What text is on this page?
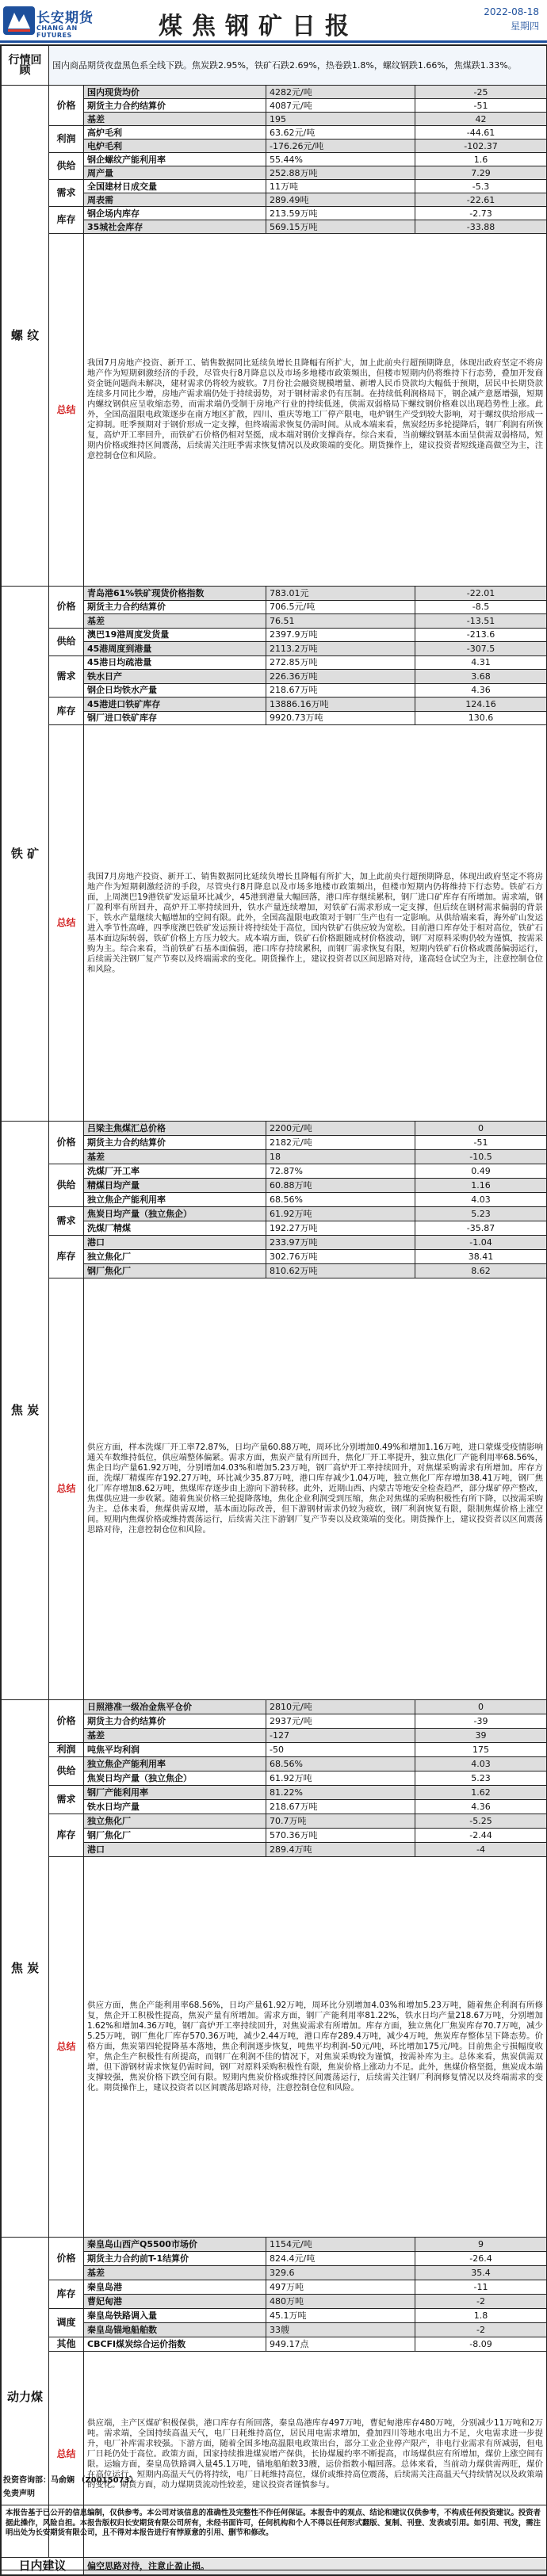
长安期货
CHANG AN FUTURES	煤焦钢矿日报
2022-08-18
星期四
行情回顾	国内商品期货夜盘黑色系全线下跌。焦炭跌2.95%，铁矿石跌2.69%，热卷跌1.8%，螺纹钢跌1.66%，焦煤跌1.33%。			
螺 纹	价格	国内现货均价	4282元/吨	-25
		期货主力合约结算价	4087元/吨	-51
		基差	195	42
	利润	高炉毛利	63.62元/吨	-44.61
		电炉毛利	-176.26元/吨	-102.37
	供给	钢企螺纹产能利用率	55.44%	1.6
		周产量	252.88万吨	7.29
	需求	全国建材日成交量	11万吨	-5.3
		周表需	289.49吨	-22.61
	库存	钢企场内库存	213.59万吨	-2.73
		35城社会库存	569.15万吨	-33.88
	总结	我国7月房地产投资、新开工、销售数据同比延续负增长且降幅有所扩大，加上此前央行超预期降息，体现出政府坚定不将房地产作为短期刺激经济的手段，尽管央行8月降息以及市场多地楼市政策频出，但楼市短期内仍将维持下行态势，叠加开发商资金链问题尚未解决，建材需求仍将较为疲软。7月份社会融资规模增量、新增人民币贷款均大幅低于预期，居民中长期贷款连续多月同比少增，房地产需求端仍处于持续弱势，对于钢材需求仍有压制。在持续低利润格局下，钢企减产意愿增强，短期内螺纹钢供应呈收缩态势，而需求端仍受制于房地产行业的持续低迷，供需双弱格局下螺纹钢价格难以出现趋势性上涨。此外，全国高温限电政策逐步在南方地区扩散，四川、重庆等地工厂停产限电，电炉钢生产受到较大影响，对于螺纹供给形成一定抑制。旺季预期对于钢价形成一定支撑，但终端需求恢复仍需时间。从成本端来看，焦炭经历多轮提降后，钢厂利润有所恢复，高炉开工率回升，而铁矿石价格仍相对坚挺，成本端对钢价支撑尚存。综合来看，当前螺纹钢基本面呈供需双弱格局，短期内价格或维持区间震荡，后续需关注旺季需求恢复情况以及政策端的变化。期货操作上，建议投资者短线逢高做空为主，注意控制仓位和风险。		
铁 矿	价格	青岛港61%铁矿现货价格指数	783.01元	-22.01
		期货主力合约结算价	706.5元/吨	-8.5
		基差	76.51	-13.51
	供给	澳巴19港周度发货量	2397.9万吨	-213.6
		45港周度到港量	2113.2万吨	-307.5
	需求	45港日均疏港量	272.85万吨	4.31
		铁水日产	226.36万吨	3.68
		钢企日均铁水产量	218.67万吨	4.36
	库存	45港进口铁矿库存	13886.16万吨	124.16
		钢厂进口铁矿库存	9920.73万吨	130.6
	总结	我国7月房地产投资、新开工、销售数据同比延续负增长且降幅有所扩大，加上此前央行超预期降息，体现出政府坚定不将房地产作为短期刺激经济的手段，尽管央行8月降息以及市场多地楼市政策频出，但楼市短期内仍将维持下行态势。铁矿石方面，上周澳巴19港铁矿发运量环比减少，45港到港量大幅回落，港口库存继续累积，钢厂进口矿库存有所增加。需求端，钢厂盈利率有所回升，高炉开工率持续回升，铁水产量连续增加，对铁矿石需求形成一定支撑，但后续在钢材需求偏弱的背景下，铁水产量继续大幅增加的空间有限。此外，全国高温限电政策对于钢厂生产也有一定影响。从供给端来看，海外矿山发运进入季节性高峰，四季度澳巴铁矿发运预计将持续处于高位，国内铁矿石供应较为宽松。目前港口库存处于相对高位，铁矿石基本面边际转弱，铁矿价格上方压力较大。成本端方面，铁矿石价格跟随成材价格波动，钢厂对原料采购仍较为谨慎，按需采购为主。综合来看，当前铁矿石基本面偏弱，港口库存持续累积，而钢厂需求恢复有限，短期内铁矿石价格或震荡偏弱运行，后续需关注钢厂复产节奏以及终端需求的变化。期货操作上，建议投资者以区间思路对待，逢高轻仓试空为主，注意控制仓位和风险。		
焦 炭	价格	吕梁主焦煤汇总价格	2200元/吨	0
		期货主力合约结算价	2182元/吨	-51
		基差	18	-10.5
	供给	洗煤厂开工率	72.87%	0.49
		精煤日均产量	60.88万吨	1.16
		独立焦企产能利用率	68.56%	4.03
	需求	焦炭日均产量（独立焦企）	61.92万吨	5.23
		洗煤厂精煤	192.27万吨	-35.87
	库存	港口	233.97万吨	-1.04
		独立焦化厂	302.76万吨	38.41
		钢厂焦化厂	810.62万吨	8.62
	总结	供应方面，样本洗煤厂开工率72.87%，日均产量60.88万吨，周环比分别增加0.49%和增加1.16万吨，进口蒙煤受疫情影响通关车数维持低位，供应端整体偏紧。需求方面，焦炭产量有所回升，焦化厂开工率提升，独立焦化厂产能利用率68.56%，焦企日均产量61.92万吨，分别增加4.03%和增加5.23万吨，钢厂高炉开工率持续回升，对焦煤采购需求有所增加。库存方面，洗煤厂精煤库存192.27万吨，环比减少35.87万吨，港口库存减少1.04万吨，独立焦化厂库存增加38.41万吨，钢厂焦化厂库存增加8.62万吨，焦煤库存逐步由上游向下游转移。此外，近期山西、内蒙古等地安全检查趋严，部分煤矿停产整改，焦煤供应进一步收紧。随着焦炭价格三轮提降落地，焦化企业利润受到压缩，焦企对焦煤的采购积极性有所下降，以按需采购为主。总体来看，焦煤供需双增，基本面边际改善，但下游钢材需求仍较为疲软，钢厂利润恢复有限，限制焦煤价格上涨空间。短期内焦煤价格或维持震荡运行，后续需关注下游钢厂复产节奏以及政策端的变化。期货操作上，建议投资者以区间震荡思路对待，注意控制仓位和风险。		
焦 炭	价格	日照港准一级冶金焦平仓价	2810元/吨	0
		期货主力合约结算价	2937元/吨	-39
		基差	-127	39
	利润	吨焦平均利润	-50	175
	供给	独立焦企产能利用率	68.56%	4.03
		焦炭日均产量（独立焦企）	61.92万吨	5.23
	需求	钢厂产能利用率	81.22%	1.62
		铁水日均产量	218.67万吨	4.36
	库存	独立焦化厂	70.7万吨	-5.25
		钢厂焦化厂	570.36万吨	-2.44
		港口	289.4万吨	-4
	总结	供应方面，焦企产能利用率68.56%，日均产量61.92万吨，周环比分别增加4.03%和增加5.23万吨，随着焦企利润有所修复，焦企开工积极性提高，焦炭产量有所增加。需求方面，钢厂产能利用率81.22%，铁水日均产量218.67万吨，分别增加1.62%和增加4.36万吨，钢厂高炉开工率持续回升，对焦炭需求有所增加。库存方面，独立焦化厂焦炭库存70.7万吨，减少5.25万吨，钢厂焦化厂库存570.36万吨，减少2.44万吨，港口库存289.4万吨，减少4万吨，焦炭库存整体呈下降态势。价格方面，焦炭第四轮提降基本落地，焦企利润逐步恢复，吨焦平均利润-50元/吨，环比增加175元/吨。目前焦企亏损幅度收窄，焦企生产积极性有所提高，而钢厂在利润不佳的情况下，对焦炭采购较为谨慎，按需补库为主。总体来看，焦炭供需双增，但下游钢材需求恢复仍需时间，钢厂对原料采购积极性有限，焦炭价格上涨动力不足。此外，焦煤价格坚挺，焦炭成本端支撑较强，焦炭价格下跌空间有限。短期内焦炭价格或维持区间震荡运行，后续需关注钢厂利润修复情况以及终端需求的变化。期货操作上，建议投资者以区间震荡思路对待，注意控制仓位和风险。		
动力煤	价格	秦皇岛山西产Q5500市场价	1154元/吨	9
		期货主力合约前T-1结算价	824.4元/吨	-26.4
		基差	329.6	35.4
	库存	秦皇岛港	497万吨	-11
		曹妃甸港	480万吨	-2
	调度	秦皇岛铁路调入量	45.1万吨	1.8
		秦皇岛锚地船舶数	33艘	-2
	其他	CBCFI煤炭综合运价指数	949.17点	-8.09
	总结	供应端，主产区煤矿积极保供，港口库存有所回落，秦皇岛港库存497万吨，曹妃甸港库存480万吨，分别减少11万吨和2万吨。需求端，全国持续高温天气，电厂日耗维持高位，居民用电需求增加，叠加四川等地水电出力不足，火电需求进一步提升，电厂补库需求较强。下游方面，随着全国多地高温限电政策出台，部分工业企业停产限产，非电行业需求有所减弱，但电厂日耗仍处于高位。政策方面，国家持续推进煤炭增产保供，长协煤履约率不断提高，市场煤供应有所增加，煤价上涨空间有限。运输方面，秦皇岛铁路调入量45.1万吨，锚地船舶数33艘，运价指数小幅回落。总体来看，当前动力煤供需两旺，煤价在高位运行，短期内高温天气仍将持续，电厂日耗维持高位，煤价或维持高位震荡，后续需关注高温天气持续情况以及政策端的变化。期货方面，动力煤期货流动性较差，建议投资者谨慎参与。		
日内建议		偏空思路对待，注意止盈止损。		
投资咨询部：马俞娴 （Z0015073）
免责声明
本报告基于已公开的信息编制，仅供参考。本公司对该信息的准确性及完整性不作任何保证。本报告中的观点、结论和建议仅供参考，不构成任何投资建议。投资者据此操作，风险自担。本报告版权归长安期货有限公司所有，未经书面许可，任何机构和个人不得以任何形式翻版、复制、刊登、发表或引用。如引用、刊发，需注明出处为长安期货有限公司，且不得对本报告进行有悖原意的引用、删节和修改。
